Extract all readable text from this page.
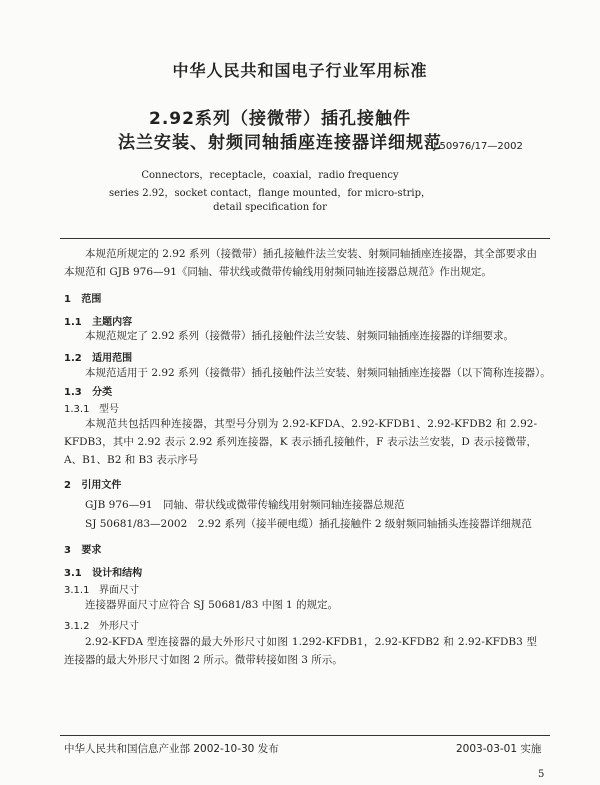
中华人民共和国电子行业军用标准
2.92系列（接微带）插孔接触件
法兰安装、射频同轴插座连接器详细规范
SJ 50976/17—2002
Connectors，receptacle，coaxial，radio frequency
series 2.92，socket contact，flange mounted，for micro-strip，
detail specification for
本规范所规定的 2.92 系列（接微带）插孔接触件法兰安装、射频同轴插座连接器，其全部要求由本规范和 GJB 976—91《同轴、带状线或微带传输线用射频同轴连接器总规范》作出规定。
1 范围
1.1 主题内容
本规范规定了 2.92 系列（接微带）插孔接触件法兰安装、射频同轴插座连接器的详细要求。
1.2 适用范围
本规范适用于 2.92 系列（接微带）插孔接触件法兰安装、射频同轴插座连接器（以下简称连接器）。
1.3 分类
1.3.1 型号
本规范共包括四种连接器，其型号分别为 2.92-KFDA、2.92-KFDB1、2.92-KFDB2 和 2.92-KFDB3，其中 2.92 表示 2.92 系列连接器，K 表示插孔接触件，F 表示法兰安装，D 表示接微带，A、B1、B2 和 B3 表示序号
2 引用文件
GJB 976—91　同轴、带状线或微带传输线用射频同轴连接器总规范
SJ 50681/83—2002　2.92 系列（接半硬电缆）插孔接触件 2 级射频同轴插头连接器详细规范
3 要求
3.1 设计和结构
3.1.1 界面尺寸
连接器界面尺寸应符合 SJ 50681/83 中图 1 的规定。
3.1.2 外形尺寸
2.92-KFDA 型连接器的最大外形尺寸如图 1.292-KFDB1，2.92-KFDB2 和 2.92-KFDB3 型连接器的最大外形尺寸如图 2 所示。微带转接如图 3 所示。
中华人民共和国信息产业部 2002-10-30 发布	2003-03-01 实施
5
